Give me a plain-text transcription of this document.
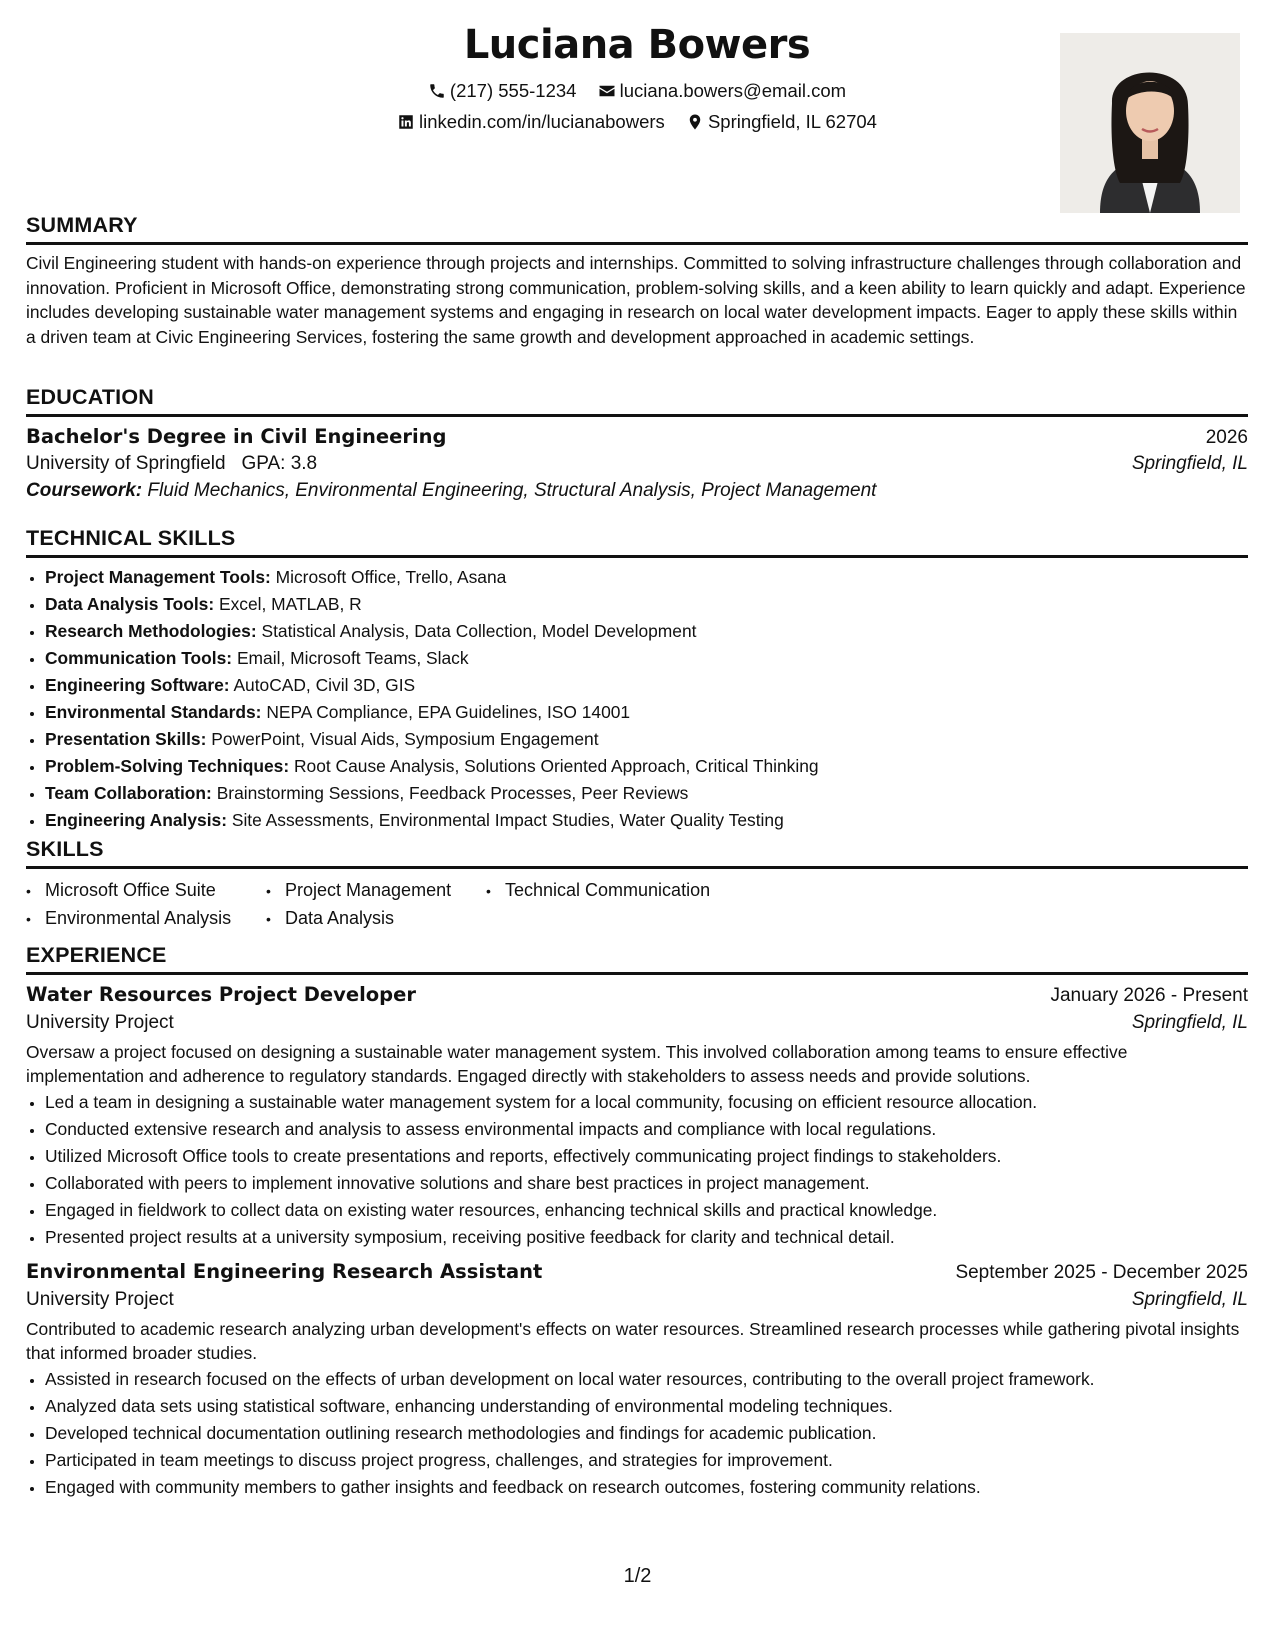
Luciana Bowers
(217) 555-1234
luciana.bowers@email.com
linkedin.com/in/lucianabowers
Springfield, IL 62704
SUMMARY

Civil Engineering student with hands-on experience through projects and internships. Committed to solving infrastructure challenges through collaboration and innovation. Proficient in Microsoft Office, demonstrating strong communication, problem-solving skills, and a keen ability to learn quickly and adapt. Experience includes developing sustainable water management systems and engaging in research on local water development impacts. Eager to apply these skills within a driven team at Civic Engineering Services, fostering the same growth and development approached in academic settings.

EDUCATION
Bachelor's Degree in Civil Engineering	2026
University of Springfield GPA: 3.8	Springfield, IL
Coursework: Fluid Mechanics, Environmental Engineering, Structural Analysis, Project Management
TECHNICAL SKILLS
• Project Management Tools: Microsoft Office, Trello, Asana
• Data Analysis Tools: Excel, MATLAB, R
• Research Methodologies: Statistical Analysis, Data Collection, Model Development
• Communication Tools: Email, Microsoft Teams, Slack
• Engineering Software: AutoCAD, Civil 3D, GIS
• Environmental Standards: NEPA Compliance, EPA Guidelines, ISO 14001
• Presentation Skills: PowerPoint, Visual Aids, Symposium Engagement
• Problem-Solving Techniques: Root Cause Analysis, Solutions Oriented Approach, Critical Thinking
• Team Collaboration: Brainstorming Sessions, Feedback Processes, Peer Reviews
• Engineering Analysis: Site Assessments, Environmental Impact Studies, Water Quality Testing
SKILLS
• Microsoft Office Suite	• Project Management	• Technical Communication
• Environmental Analysis	• Data Analysis
EXPERIENCE
Water Resources Project Developer	January 2026 - Present
University Project	Springfield, IL

Oversaw a project focused on designing a sustainable water management system. This involved collaboration among teams to ensure effective implementation and adherence to regulatory standards. Engaged directly with stakeholders to assess needs and provide solutions.

• Led a team in designing a sustainable water management system for a local community, focusing on efficient resource allocation.
• Conducted extensive research and analysis to assess environmental impacts and compliance with local regulations.
• Utilized Microsoft Office tools to create presentations and reports, effectively communicating project findings to stakeholders.
• Collaborated with peers to implement innovative solutions and share best practices in project management.
• Engaged in fieldwork to collect data on existing water resources, enhancing technical skills and practical knowledge.
• Presented project results at a university symposium, receiving positive feedback for clarity and technical detail.
Environmental Engineering Research Assistant	September 2025 - December 2025
University Project	Springfield, IL

Contributed to academic research analyzing urban development's effects on water resources. Streamlined research processes while gathering pivotal insights that informed broader studies.

• Assisted in research focused on the effects of urban development on local water resources, contributing to the overall project framework.
• Analyzed data sets using statistical software, enhancing understanding of environmental modeling techniques.
• Developed technical documentation outlining research methodologies and findings for academic publication.
• Participated in team meetings to discuss project progress, challenges, and strategies for improvement.
• Engaged with community members to gather insights and feedback on research outcomes, fostering community relations.
1/2
